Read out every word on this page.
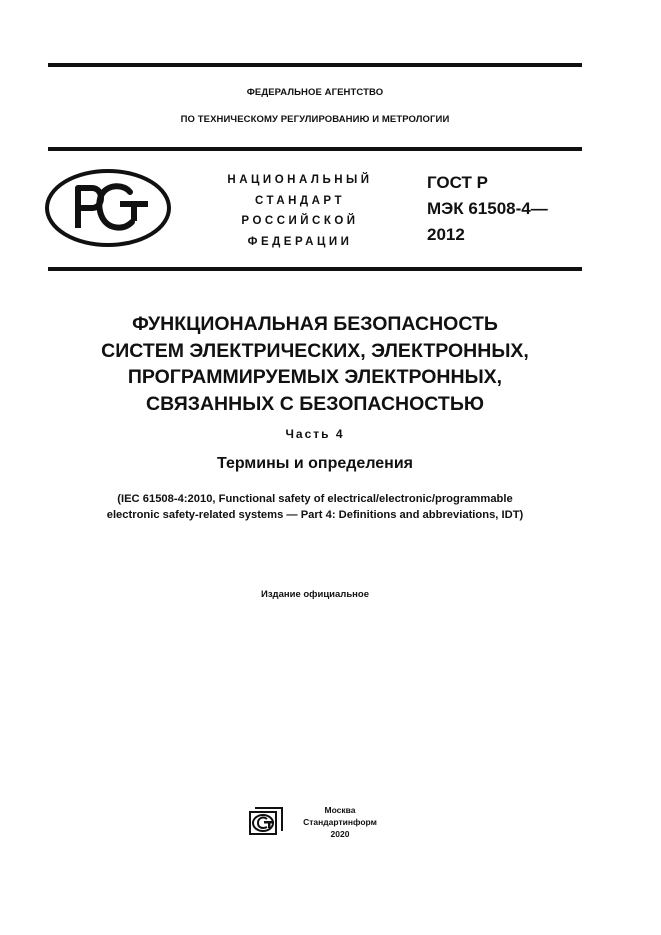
ФЕДЕРАЛЬНОЕ АГЕНТСТВО
ПО ТЕХНИЧЕСКОМУ РЕГУЛИРОВАНИЮ И МЕТРОЛОГИИ
НАЦИОНАЛЬНЫЙ
СТАНДАРТ
РОССИЙСКОЙ
ФЕДЕРАЦИИ
ГОСТ Р
МЭК 61508-4—
2012
ФУНКЦИОНАЛЬНАЯ БЕЗОПАСНОСТЬ
СИСТЕМ ЭЛЕКТРИЧЕСКИХ, ЭЛЕКТРОННЫХ,
ПРОГРАММИРУЕМЫХ ЭЛЕКТРОННЫХ,
СВЯЗАННЫХ С БЕЗОПАСНОСТЬЮ
Часть 4
Термины и определения
(IEC 61508-4:2010, Functional safety of electrical/electronic/programmable
electronic safety-related systems — Part 4: Definitions and abbreviations, IDT)
Издание официальное
Москва
Стандартинформ
2020
